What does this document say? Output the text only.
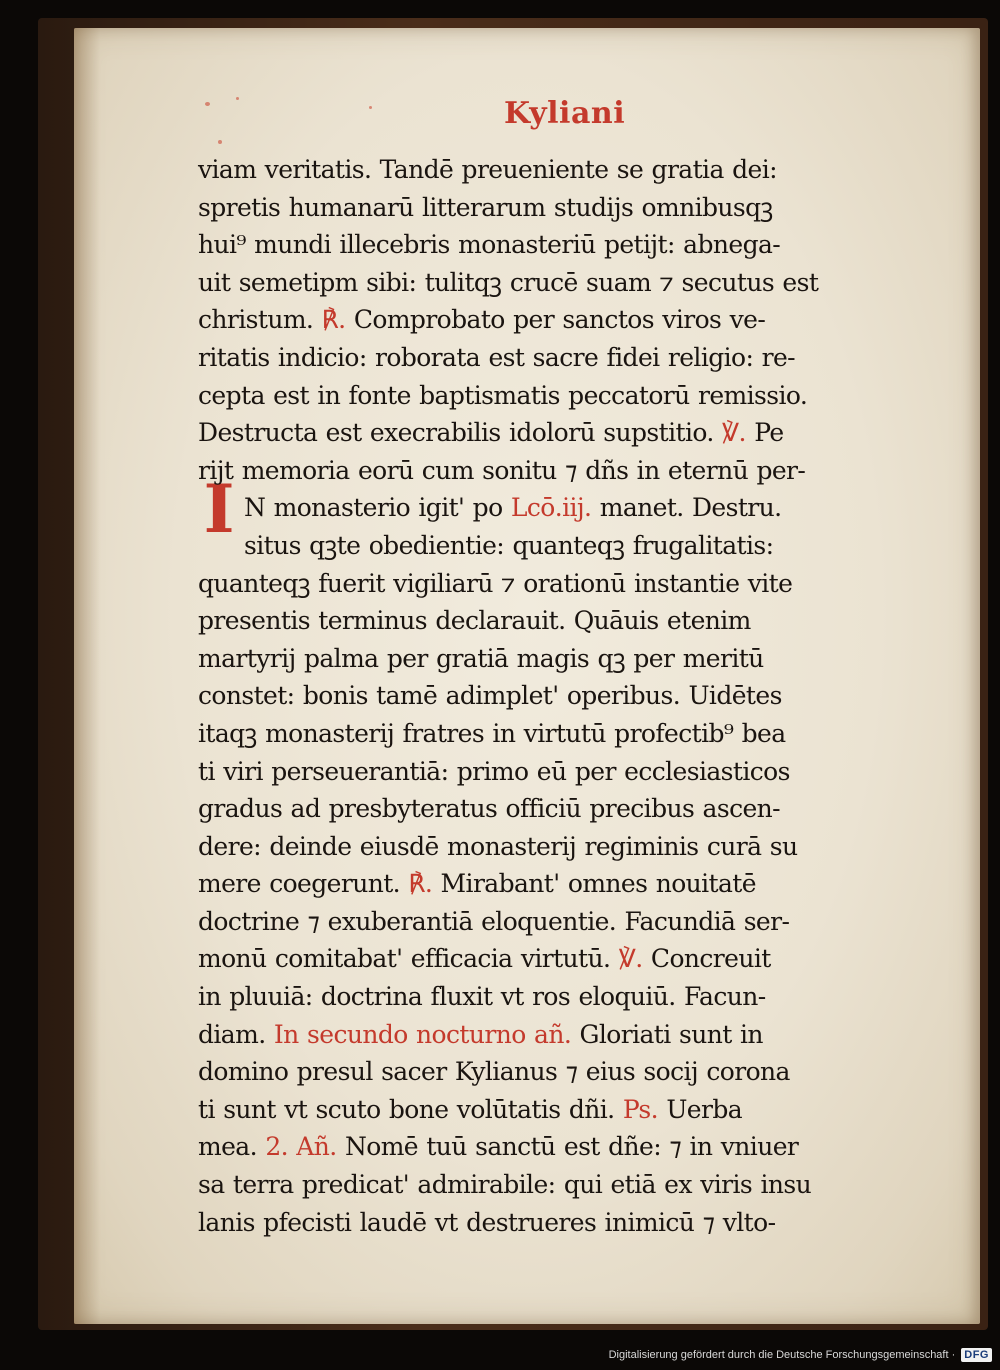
Kyliani
I
viam veritatis. Tandē preueniente se gratia dei:
spretis humanarū litterarum studijs omnibusqꝫ
hui⁹ mundi illecebris monasteriū petijt: abnega-
uit semetipm sibi: tulitqꝫ crucē suam ⁊ secutus est
christum. ℟. Comprobato per sanctos viros ve-
ritatis indicio: roborata est sacre fidei religio: re-
cepta est in fonte baptismatis peccatorū remissio.
Destructa est execrabilis idolorū supstitio. ℣. Pe
rijt memoria eorū cum sonitu ⁊ dñs in eternū per-
N monasterio igit' po Lcō.iij. manet. Destru.
situs qꝫte obedientie: quanteqꝫ frugalitatis:
quanteqꝫ fuerit vigiliarū ⁊ orationū instantie vite
presentis terminus declarauit. Quāuis etenim
martyrij palma per gratiā magis qꝫ per meritū
constet: bonis tamē adimplet' operibus. Uidētes
itaqꝫ monasterij fratres in virtutū profectib⁹ bea
ti viri perseuerantiā: primo eū per ecclesiasticos
gradus ad presbyteratus officiū precibus ascen-
dere: deinde eiusdē monasterij regiminis curā su
mere coegerunt. ℟. Mirabant' omnes nouitatē
doctrine ⁊ exuberantiā eloquentie. Facundiā ser-
monū comitabat' efficacia virtutū. ℣. Concreuit
in pluuiā: doctrina fluxit vt ros eloquiū. Facun-
diam. In secundo nocturno añ. Gloriati sunt in
domino presul sacer Kylianus ⁊ eius socij corona
ti sunt vt scuto bone volūtatis dñi. Ps. Uerba
mea. 2. Añ. Nomē tuū sanctū est dñe: ⁊ in vniuer
sa terra predicat' admirabile: qui etiā ex viris insu
lanis pfecisti laudē vt destrueres inimicū ⁊ vlto-
Digitalisierung gefördert durch die Deutsche Forschungsgemeinschaft · DFG
